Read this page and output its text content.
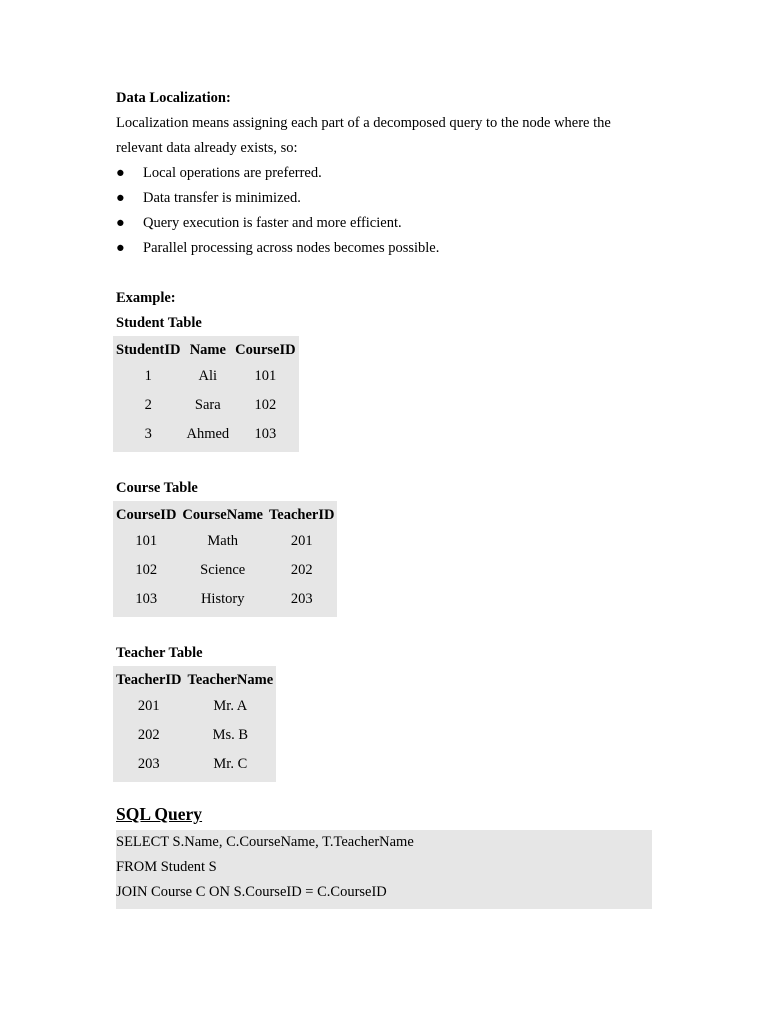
Data Localization:
Localization means assigning each part of a decomposed query to the node where the
relevant data already exists, so:
● Local operations are preferred.
● Data transfer is minimized.
● Query execution is faster and more efficient.
● Parallel processing across nodes becomes possible.
Example:
Student Table
StudentID	Name	CourseID
1	Ali	101
2	Sara	102
3	Ahmed	103
Course Table
CourseID	CourseName	TeacherID
101	Math	201
102	Science	202
103	History	203
Teacher Table
TeacherID	TeacherName
201	Mr. A
202	Ms. B
203	Mr. C
SQL Query
SELECT S.Name, C.CourseName, T.TeacherName
FROM Student S
JOIN Course C ON S.CourseID = C.CourseID
